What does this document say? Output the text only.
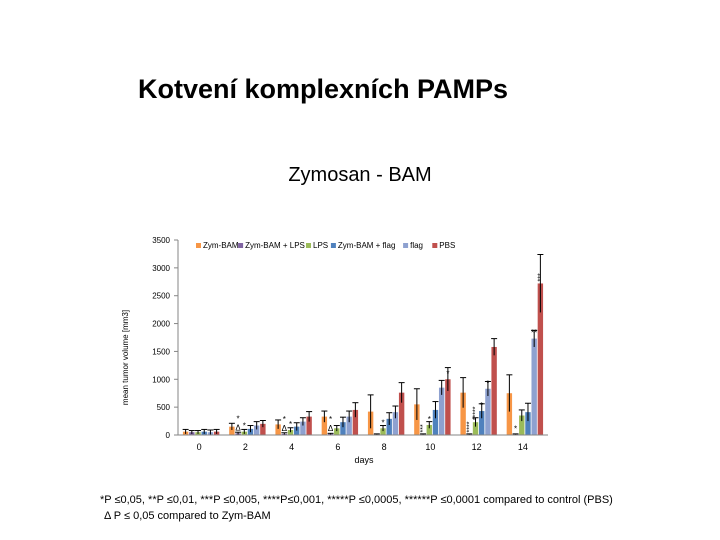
Kotvení komplexních PAMPs
Zymosan - BAM
Zym-BAM Zym-BAM + LPS LPS Zym-BAM + flag flag PBS
0
500
1000
1500
2000
2500
3000
3500
0	2	4	6	8	10	12	14
Δ
*
*	Δ
*
*	Δ
*	*
***
*
*
****
*****
*
*
*
**
***
mean tumor volume [mm3]
days
*P ≤0,05, **P ≤0,01, ***P ≤0,005, ****P≤0,001, *****P ≤0,0005, ******P ≤0,0001 compared to control (PBS)
Δ P ≤ 0,05 compared to Zym-BAM
